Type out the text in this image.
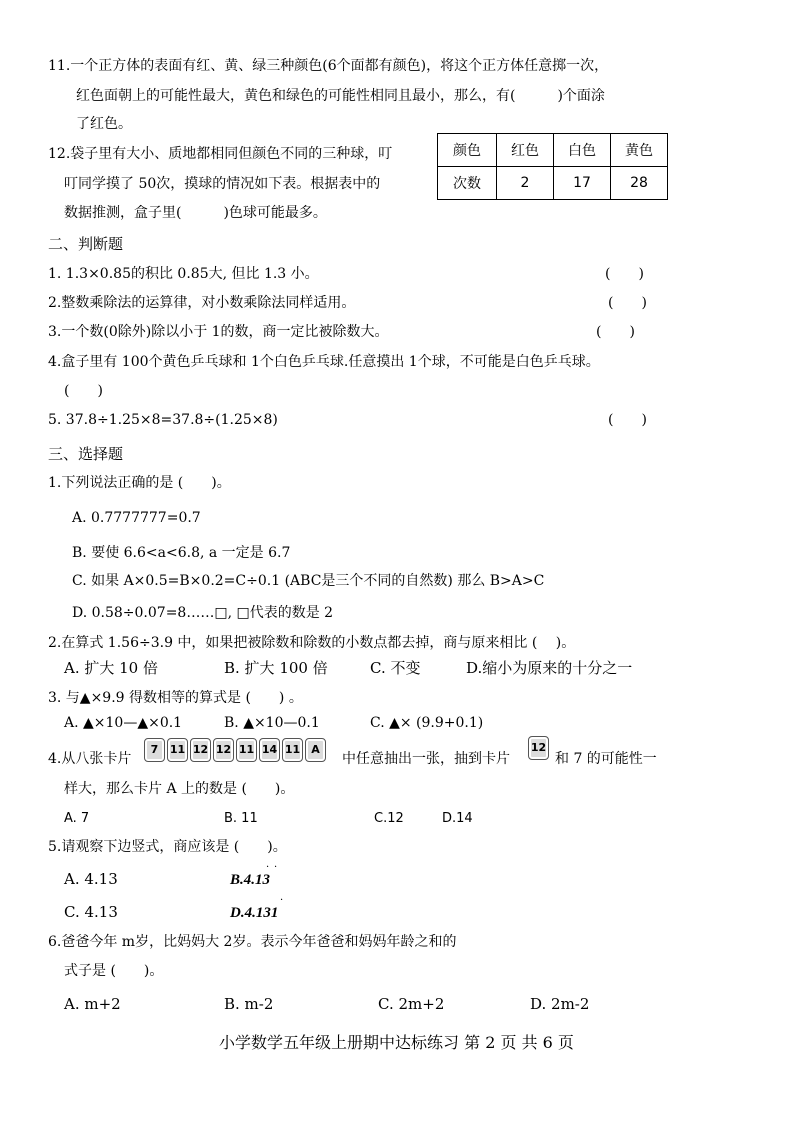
11.一个正方体的表面有红、黄、绿三种颜色(6个面都有颜色)，将这个正方体任意掷一次，
红色面朝上的可能性最大，黄色和绿色的可能性相同且最小，那么，有(　　　)个面涂
了红色。
12.袋子里有大小、质地都相同但颜色不同的三种球，叮
叮同学摸了 50次，摸球的情况如下表。根据表中的
数据推测，盒子里(　　　)色球可能最多。
颜色	红色	白色	黄色
次数	2	17	28
二、判断题
1. 1.3×0.85的积比 0.85大, 但比 1.3 小。	(　　)
2.整数乘除法的运算律，对小数乘除法同样适用。	(　　)
3.一个数(0除外)除以小于 1的数，商一定比被除数大。	(　　)
4.盒子里有 100个黄色乒乓球和 1个白色乒乓球.任意摸出 1个球，不可能是白色乒乓球。
(　　)
5. 37.8÷1.25×8=37.8÷(1.25×8)	(　　)
三、选择题
1.下列说法正确的是 (　　)。
A. 0.7777777=0.7
B. 要使 6.6<a<6.8, a 一定是 6.7
C. 如果 A×0.5=B×0.2=C÷0.1 (ABC是三个不同的自然数) 那么 B>A>C
D. 0.58÷0.07=8……□, □代表的数是 2
2.在算式 1.56÷3.9 中，如果把被除数和除数的小数点都去掉，商与原来相比 (　 )。
A. 扩大 10 倍	B. 扩大 100 倍	C. 不变	D.缩小为原来的十分之一
3. 与▲×9.9 得数相等的算式是 (　　) 。
A. ▲×10—▲×0.1	B. ▲×10—0.1	C. ▲× (9.9+0.1)
4.从八张卡片
7 11 12 12 11 14 11 A
中任意抽出一张，抽到卡片
12
和 7 的可能性一
样大，那么卡片 A 上的数是 (　　)。
A. 7	B. 11	C.12	D.14
5.请观察下边竖式，商应该是 (　　)。
A. 4.13	B.4.13
· ·
C. 4.13	D.4.131
·
6.爸爸今年 m岁，比妈妈大 2岁。表示今年爸爸和妈妈年龄之和的
式子是 (　　)。
A. m+2	B. m-2	C. 2m+2	D. 2m-2
小学数学五年级上册期中达标练习 第 2 页 共 6 页
